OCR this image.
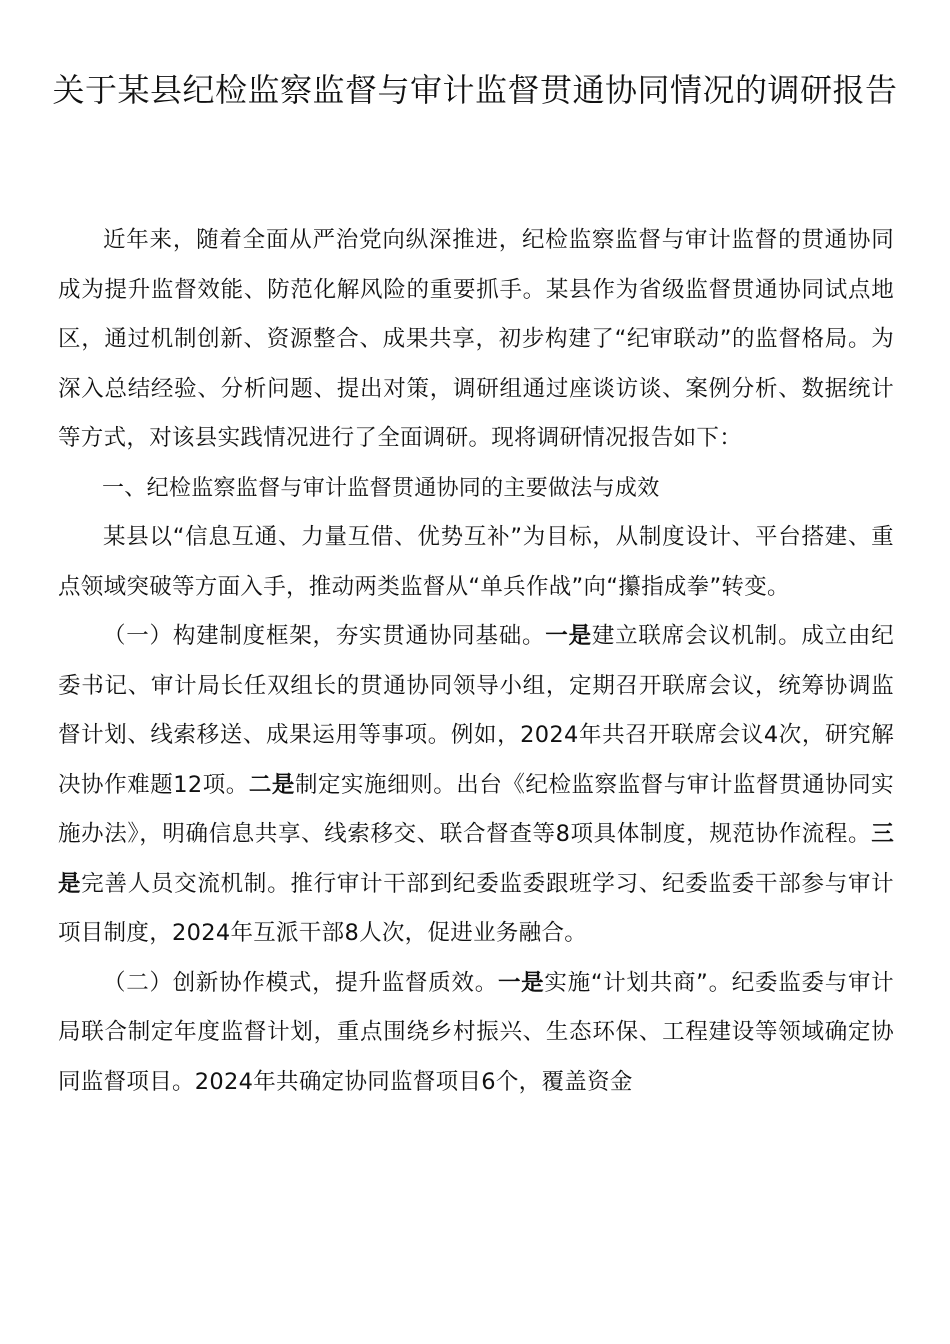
关于某县纪检监察监督与审计监督贯通协同情况的调研报告

近年来，随着全面从严治党向纵深推进，纪检监察监督与审计监督的贯通协同成为提升监督效能、防范化解风险的重要抓手。某县作为省级监督贯通协同试点地区，通过机制创新、资源整合、成果共享，初步构建了“纪审联动”的监督格局。为深入总结经验、分析问题、提出对策，调研组通过座谈访谈、案例分析、数据统计等方式，对该县实践情况进行了全面调研。现将调研情况报告如下：

一、纪检监察监督与审计监督贯通协同的主要做法与成效

某县以“信息互通、力量互借、优势互补”为目标，从制度设计、平台搭建、重点领域突破等方面入手，推动两类监督从“单兵作战”向“攥指成拳”转变。

（一）构建制度框架，夯实贯通协同基础。一是建立联席会议机制。成立由纪委书记、审计局长任双组长的贯通协同领导小组，定期召开联席会议，统筹协调监督计划、线索移送、成果运用等事项。例如，2024年共召开联席会议4次，研究解决协作难题12项。二是制定实施细则。出台《纪检监察监督与审计监督贯通协同实施办法》，明确信息共享、线索移交、联合督查等8项具体制度，规范协作流程。三是完善人员交流机制。推行审计干部到纪委监委跟班学习、纪委监委干部参与审计项目制度，2024年互派干部8人次，促进业务融合。

（二）创新协作模式，提升监督质效。一是实施“计划共商”。纪委监委与审计局联合制定年度监督计划，重点围绕乡村振兴、生态环保、工程建设等领域确定协同监督项目。2024年共确定协同监督项目6个，覆盖资金
